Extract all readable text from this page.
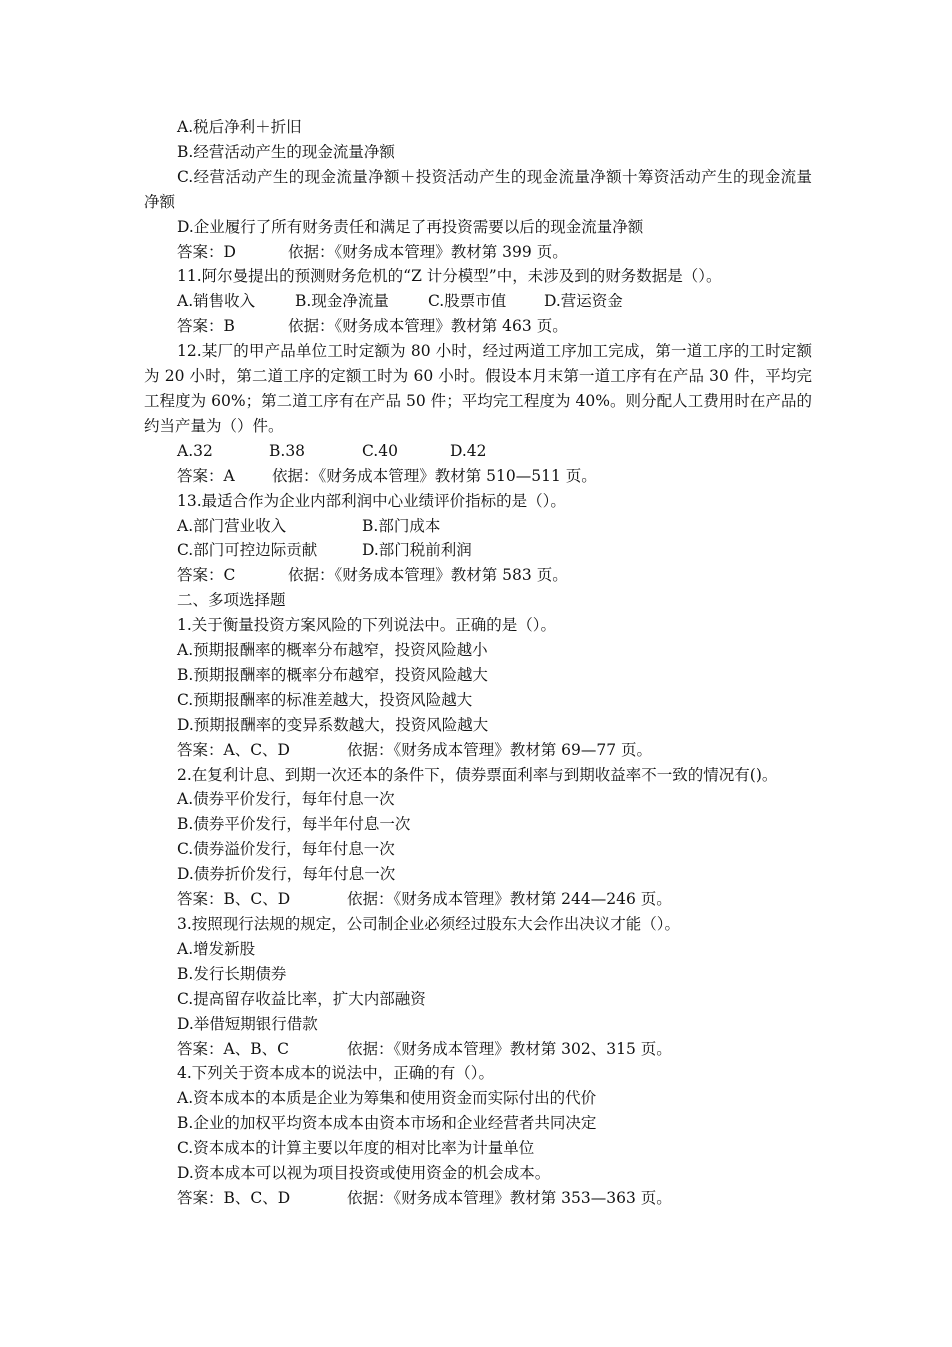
A.税后净利＋折旧
B.经营活动产生的现金流量净额
C.经营活动产生的现金流量净额＋投资活动产生的现金流量净额十筹资活动产生的现金流量净额
D.企业履行了所有财务责任和满足了再投资需要以后的现金流量净额
答案：D	依据：《财务成本管理》教材第 399 页。
11.阿尔曼提出的预测财务危机的“Z 计分模型”中，未涉及到的财务数据是（）。
A.销售收入	B.现金净流量	C.股票市值 D.营运资金
答案：B	依据：《财务成本管理》教材第 463 页。
12.某厂的甲产品单位工时定额为 80 小时，经过两道工序加工完成，第一道工序的工时定额为 20 小时，第二道工序的定额工时为 60 小时。假设本月末第一道工序有在产品 30 件，平均完工程度为 60%；第二道工序有在产品 50 件；平均完工程度为 40%。则分配人工费用时在产品的约当产量为（）件。
A.32	B.38	C.40	D.42
答案：A 依据：《财务成本管理》教材第 510—511 页。
13.最适合作为企业内部利润中心业绩评价指标的是（）。
A.部门营业收入	B.部门成本
C.部门可控边际贡献	D.部门税前利润
答案：C	依据：《财务成本管理》教材第 583 页。
二、多项选择题
1.关于衡量投资方案风险的下列说法中。正确的是（）。
A.预期报酬率的概率分布越窄，投资风险越小
B.预期报酬率的概率分布越窄，投资风险越大
C.预期报酬率的标准差越大，投资风险越大
D.预期报酬率的变异系数越大，投资风险越大
答案：A、C、D	依据：《财务成本管理》教材第 69—77 页。
2.在复利计息、到期一次还本的条件下，债券票面利率与到期收益率不一致的情况有()。
A.债券平价发行，每年付息一次
B.债券平价发行，每半年付息一次
C.债券溢价发行，每年付息一次
D.债券折价发行，每年付息一次
答案：B、C、D	依据：《财务成本管理》教材第 244—246 页。
3.按照现行法规的规定，公司制企业必须经过股东大会作出决议才能（）。
A.增发新股
B.发行长期债券
C.提高留存收益比率，扩大内部融资
D.举借短期银行借款
答案：A、B、C	依据：《财务成本管理》教材第 302、315 页。
4.下列关于资本成本的说法中，正确的有（）。
A.资本成本的本质是企业为筹集和使用资金而实际付出的代价
B.企业的加权平均资本成本由资本市场和企业经营者共同决定
C.资本成本的计算主要以年度的相对比率为计量单位
D.资本成本可以视为项目投资或使用资金的机会成本。
答案：B、C、D	依据：《财务成本管理》教材第 353—363 页。
